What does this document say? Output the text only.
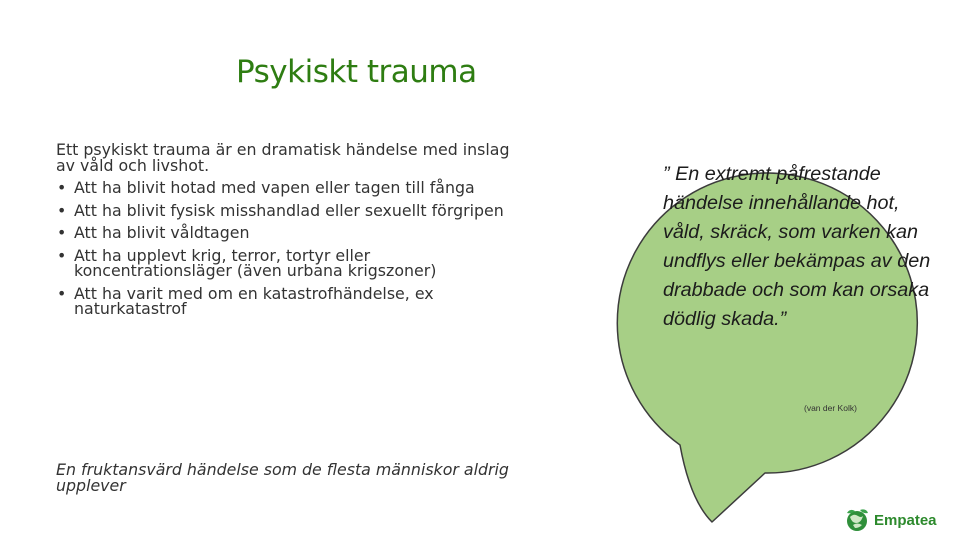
Psykiskt trauma

Ett psykiskt trauma är en dramatisk händelse med inslag av våld och livshot.

• Att ha blivit hotad med vapen eller tagen till fånga
• Att ha blivit fysisk misshandlad eller sexuellt förgripen
• Att ha blivit våldtagen
• Att ha upplevt krig, terror, tortyr eller koncentrationsläger (även urbana krigszoner)
• Att ha varit med om en katastrofhändelse, ex naturkatastrof
En fruktansvärd händelse som de flesta människor aldrig upplever
” En extremt påfrestande händelse innehållande hot, våld, skräck, som varken kan undflys eller bekämpas av den drabbade och som kan orsaka dödlig skada.”
(van der Kolk)
Empatea
